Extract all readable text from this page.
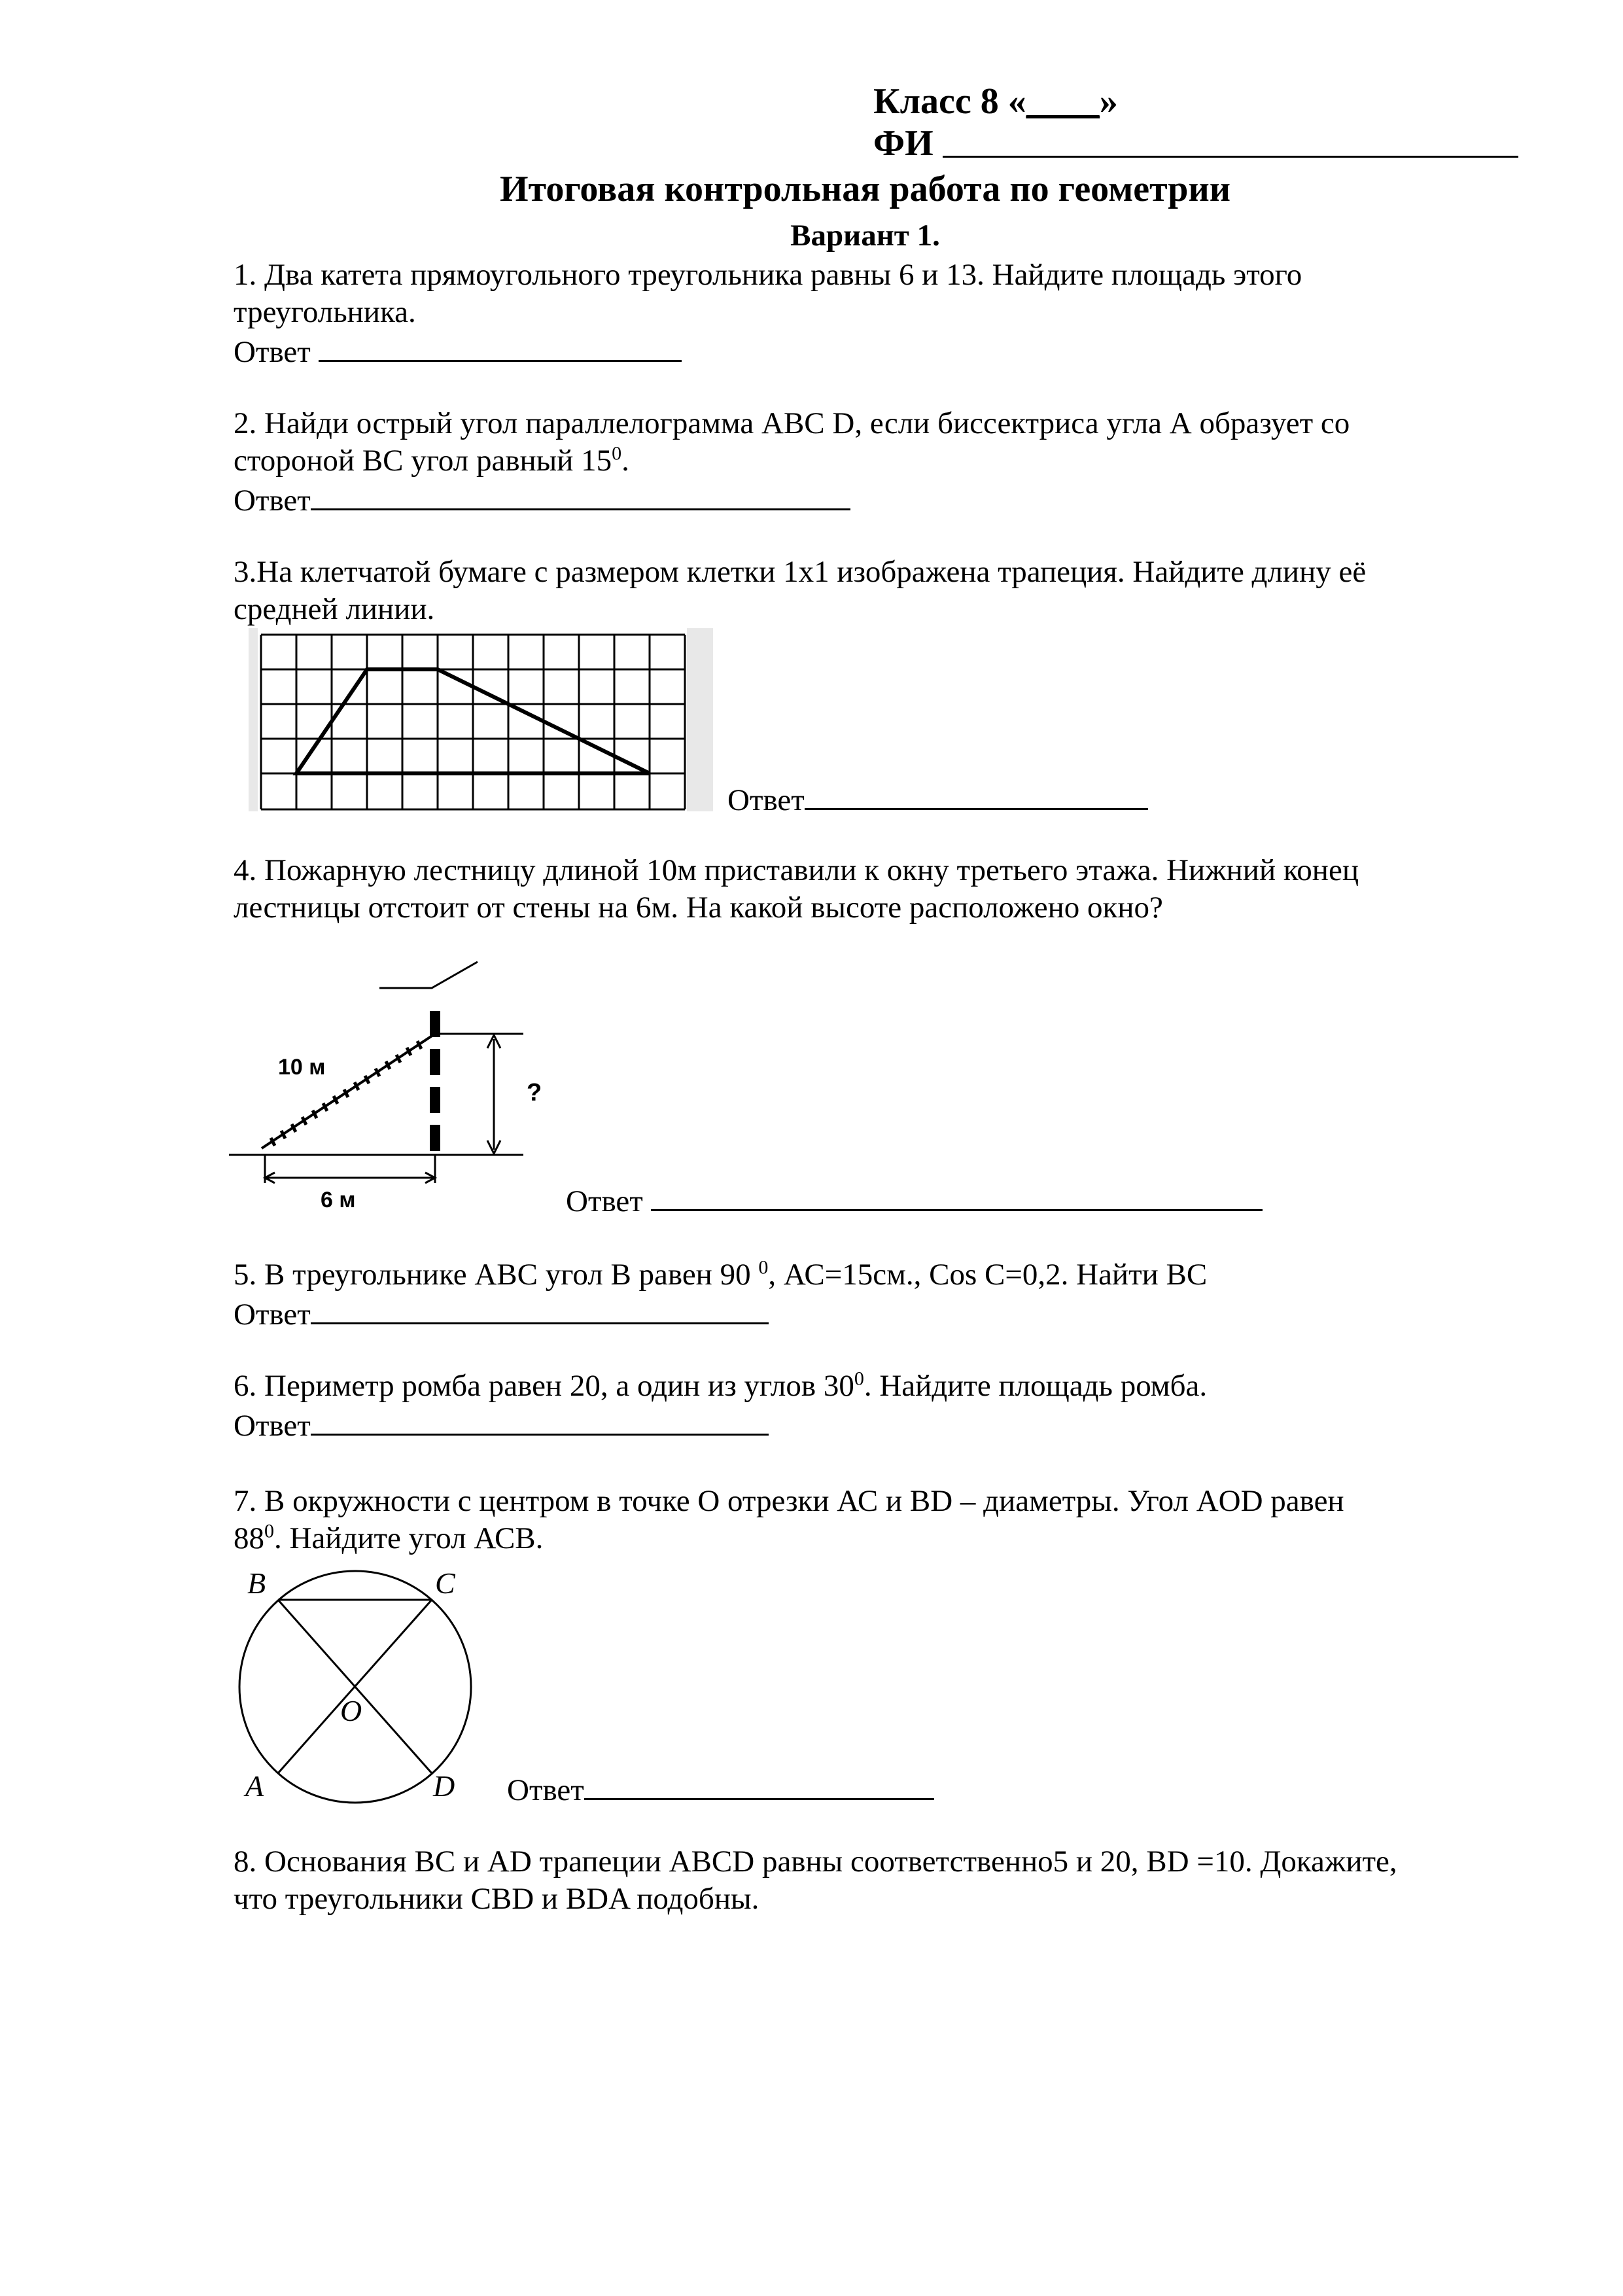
Класс 8 «____»
ФИ
Итоговая контрольная работа по геометрии
Вариант 1.
1. Два катета прямоугольного треугольника равны 6 и 13. Найдите площадь этого
треугольника.
Ответ
2. Найди острый угол параллелограмма ABC D, если биссектриса угла А образует со
стороной ВС угол равный $15^0$.
Ответ
3.На клетчатой бумаге с размером клетки 1х1 изображена трапеция. Найдите длину её
средней линии.
Ответ
4. Пожарную лестницу длиной 10м приставили к окну третьего этажа. Нижний конец
лестницы отстоит от стены на 6м. На какой высоте расположено окно?
10 м
6 м
?
Ответ
5. В треугольнике АВС угол В равен 90 $^0$, АС=15см., Cos С=0,2. Найти ВС
Ответ
6. Периметр ромба равен 20, а один из углов $30^0$. Найдите площадь ромба.
Ответ
7. В окружности с центром в точке О отрезки АС и BD – диаметры. Угол AOD равен
$88^0$. Найдите угол АСВ.
B	C
O
A	D Ответ
8. Основания ВС и AD трапеции ABCD равны соответственно5 и 20, BD =10. Докажите,
что треугольники CBD и BDA подобны.
